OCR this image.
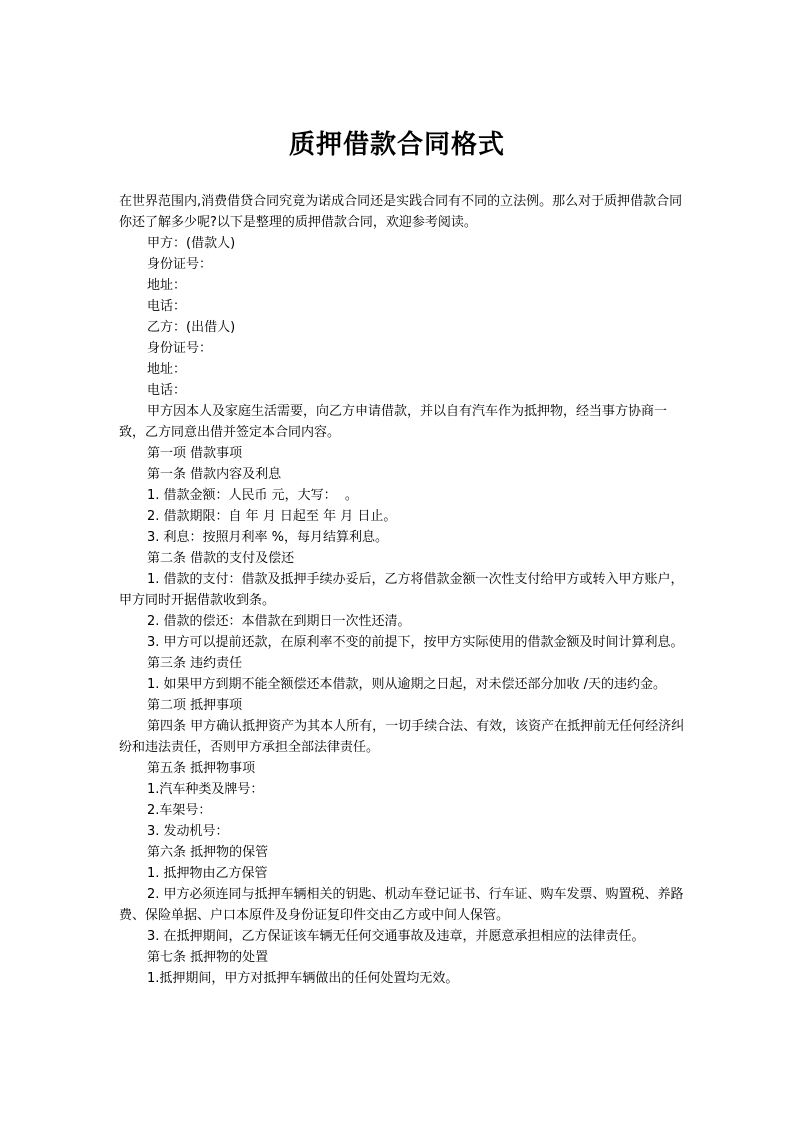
质押借款合同格式

在世界范围内,消费借贷合同究竟为诺成合同还是实践合同有不同的立法例。那么对于质押借款合同你还了解多少呢?以下是整理的质押借款合同，欢迎参考阅读。

甲方：(借款人)

身份证号：

地址：

电话：

乙方：(出借人)

身份证号：

地址：

电话：

甲方因本人及家庭生活需要，向乙方申请借款，并以自有汽车作为抵押物，经当事方协商一致，乙方同意出借并签定本合同内容。

第一项 借款事项

第一条 借款内容及利息

1. 借款金额：人民币 元，大写：  。

2. 借款期限：自 年 月 日起至 年 月 日止。

3. 利息：按照月利率 %，每月结算利息。

第二条 借款的支付及偿还

1. 借款的支付：借款及抵押手续办妥后，乙方将借款金额一次性支付给甲方或转入甲方账户，甲方同时开据借款收到条。

2. 借款的偿还：本借款在到期日一次性还清。

3. 甲方可以提前还款，在原利率不变的前提下，按甲方实际使用的借款金额及时间计算利息。

第三条 违约责任

1. 如果甲方到期不能全额偿还本借款，则从逾期之日起，对未偿还部分加收 /天的违约金。

第二项 抵押事项

第四条 甲方确认抵押资产为其本人所有，一切手续合法、有效，该资产在抵押前无任何经济纠纷和违法责任，否则甲方承担全部法律责任。

第五条 抵押物事项

1.汽车种类及牌号：

2.车架号：

3. 发动机号：

第六条 抵押物的保管

1. 抵押物由乙方保管

2. 甲方必须连同与抵押车辆相关的钥匙、机动车登记证书、行车证、购车发票、购置税、养路费、保险单据、户口本原件及身份证复印件交由乙方或中间人保管。

3. 在抵押期间，乙方保证该车辆无任何交通事故及违章，并愿意承担相应的法律责任。

第七条 抵押物的处置

1.抵押期间，甲方对抵押车辆做出的任何处置均无效。
